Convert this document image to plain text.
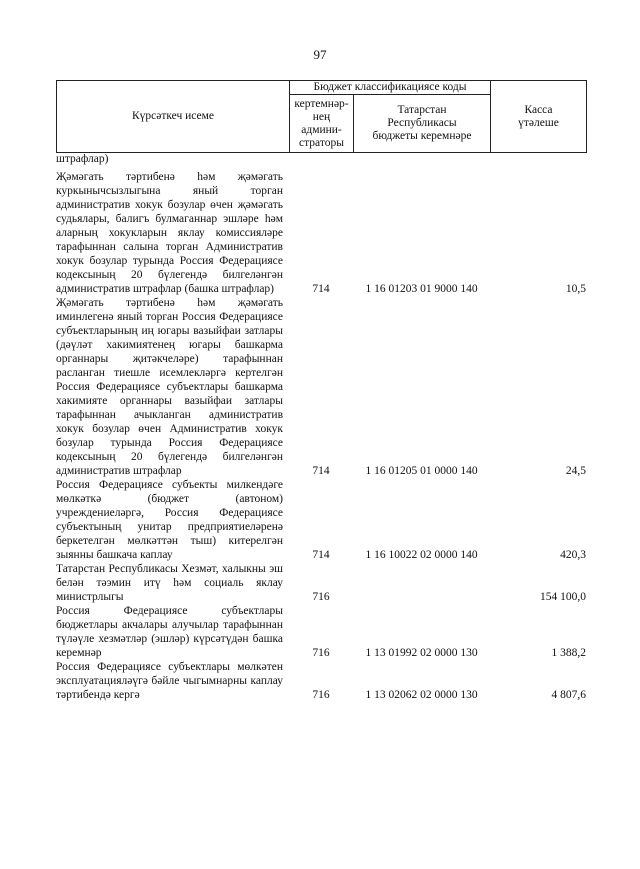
97
Күрсәткеч исеме	Бюджет классификациясе коды		Касса
үтәлеше
	кертемнәр-
нең
админи-
страторы	Татарстан
Республикасы
бюджеты керемнәре	
штрафлар)			

Җәмәгать тәртибенә һәм җәмәгать куркынычсызлыгына яный торган административ хокук бозулар өчен җәмәгать судьялары, балигъ булмаганнар эшләре һәм аларның хокукларын яклау комиссияләре тарафыннан салына торган Административ хокук бозулар турында Россия Федерациясе кодексының 20 бүлегендә билгеләнгән административ штрафлар (башка штрафлар)	714	1 16 01203 01 9000 140	10,5
Җәмәгать тәртибенә һәм җәмәгать иминлегенә яный торган Россия Федерациясе субъектларының иң югары вазыйфаи затлары (дәүләт хакимиятенең югары башкарма органнары җитәкчеләре) тарафыннан расланган тиешле исемлекләргә кертелгән Россия Федерациясе субъектлары башкарма хакимияте органнары вазыйфаи затлары тарафыннан ачыкланган административ хокук бозулар өчен Административ хокук бозулар турында Россия Федерациясе кодексының 20 бүлегендә билгеләнгән административ штрафлар	714	1 16 01205 01 0000 140	24,5
Россия Федерациясе субъекты милкендәге мөлкәткә (бюджет (автоном) учреждениеләргә, Россия Федерациясе субъектының унитар предприятиеләренә беркетелгән мөлкәттән тыш) китерелгән зыянны башкача каплау	714	1 16 10022 02 0000 140	420,3
Татарстан Республикасы Хезмәт, халыкны эш белән тәэмин итү һәм социаль яклау министрлыгы	716		154 100,0
Россия Федерациясе субъектлары бюджетлары акчалары алучылар тарафыннан түләүле хезмәтләр (эшләр) күрсәтүдән башка керемнәр	716	1 13 01992 02 0000 130	1 388,2
Россия Федерациясе субъектлары мөлкәтен эксплуатацияләүгә бәйле чыгымнарны каплау тәртибендә кергә	716	1 13 02062 02 0000 130	4 807,6
